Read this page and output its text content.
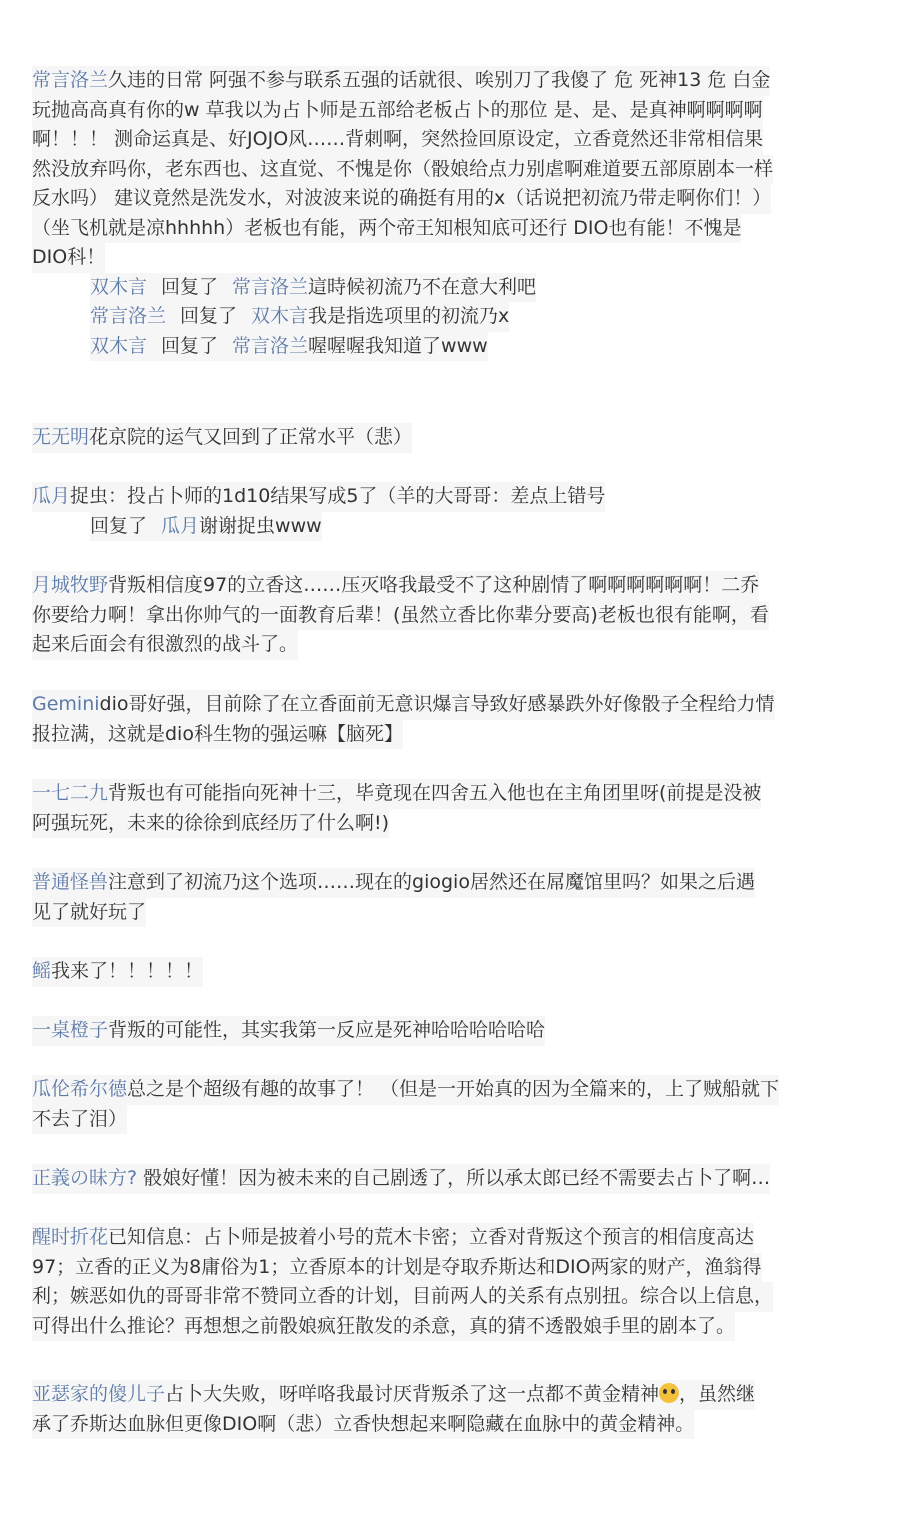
常言洛兰久违的日常 阿强不参与联系五强的话就很、唉别刀了我傻了 危 死神13 危 白金
玩抛高高真有你的w 草我以为占卜师是五部给老板占卜的那位 是、是、是真神啊啊啊啊
啊！！！ 测命运真是、好JOJO风……背刺啊，突然捡回原设定，立香竟然还非常相信果
然没放弃吗你，老东西也、这直觉、不愧是你（骰娘给点力别虐啊难道要五部原剧本一样
反水吗） 建议竟然是洗发水，对波波来说的确挺有用的x（话说把初流乃带走啊你们！）
（坐飞机就是凉hhhhh）老板也有能，两个帝王知根知底可还行 DIO也有能！不愧是
DIO科！
双木言 回复了 常言洛兰這時候初流乃不在意大利吧
常言洛兰 回复了 双木言我是指选项里的初流乃x
双木言 回复了 常言洛兰喔喔喔我知道了www
无无明花京院的运气又回到了正常水平（悲）
瓜月捉虫：投占卜师的1d10结果写成5了（羊的大哥哥：差点上错号
回复了 瓜月谢谢捉虫www
月城牧野背叛相信度97的立香这……压灭咯我最受不了这种剧情了啊啊啊啊啊啊！二乔
你要给力啊！拿出你帅气的一面教育后辈！(虽然立香比你辈分要高)老板也很有能啊，看
起来后面会有很激烈的战斗了。
Geminidio哥好强，目前除了在立香面前无意识爆言导致好感暴跌外好像骰子全程给力情
报拉满，这就是dio科生物的强运嘛【脑死】
一七二九背叛也有可能指向死神十三，毕竟现在四舍五入他也在主角团里呀(前提是没被
阿强玩死，未来的徐徐到底经历了什么啊!)
普通怪兽注意到了初流乃这个选项……现在的giogio居然还在屌魔馆里吗？如果之后遇
见了就好玩了
鳐我来了！！！！！
一桌橙子背叛的可能性，其实我第一反应是死神哈哈哈哈哈哈
瓜伦希尔德总之是个超级有趣的故事了！ （但是一开始真的因为全篇来的，上了贼船就下
不去了泪）
正義の昧方? 骰娘好懂！因为被未来的自己剧透了，所以承太郎已经不需要去占卜了啊…
醒时折花已知信息：占卜师是披着小号的荒木卡密；立香对背叛这个预言的相信度高达
97；立香的正义为8庸俗为1；立香原本的计划是夺取乔斯达和DIO两家的财产，渔翁得
利；嫉恶如仇的哥哥非常不赞同立香的计划，目前两人的关系有点别扭。综合以上信息，
可得出什么推论？再想想之前骰娘疯狂散发的杀意，真的猜不透骰娘手里的剧本了。
亚瑟家的傻儿子占卜大失败，呀咩咯我最讨厌背叛杀了这一点都不黄金精神 ，虽然继
承了乔斯达血脉但更像DIO啊（悲）立香快想起来啊隐藏在血脉中的黄金精神。
